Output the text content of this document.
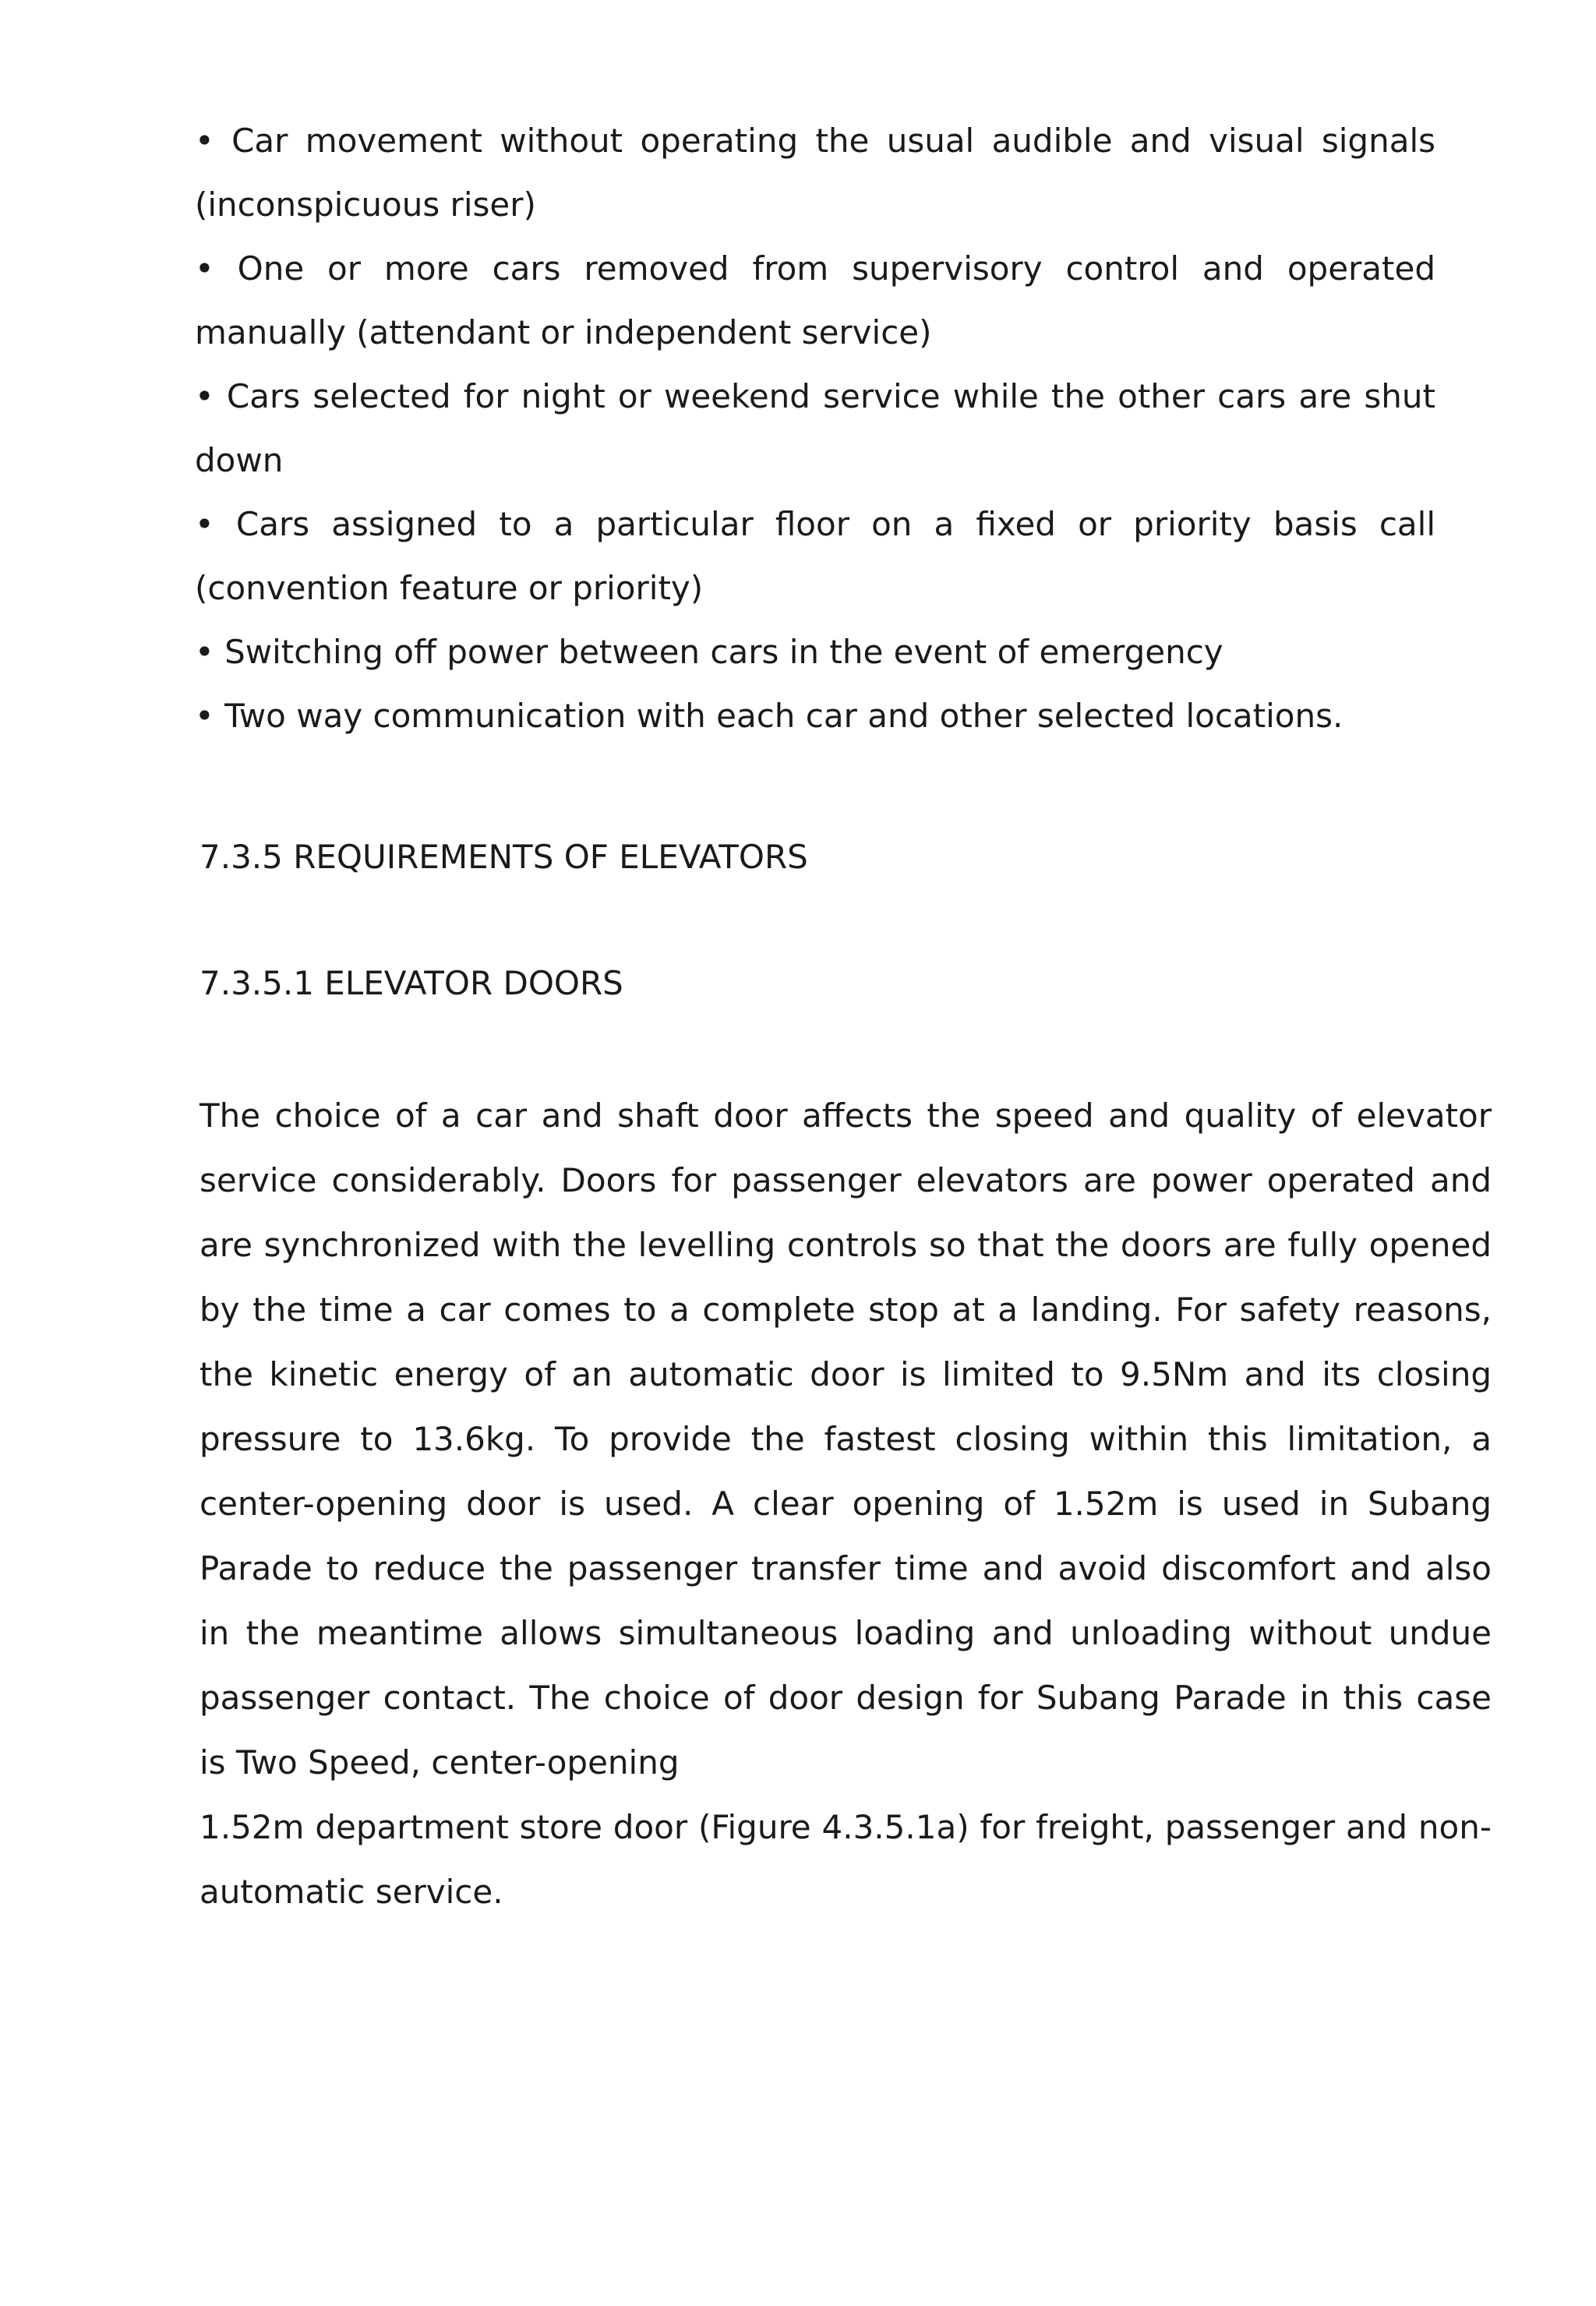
• Car movement without operating the usual audible and visual signals (inconspicuous riser)
• One or more cars removed from supervisory control and operated manually (attendant or independent service)
• Cars selected for night or weekend service while the other cars are shut down
• Cars assigned to a particular floor on a fixed or priority basis call (convention feature or priority)
• Switching off power between cars in the event of emergency
• Two way communication with each car and other selected locations.
7.3.5 REQUIREMENTS OF ELEVATORS
7.3.5.1 ELEVATOR DOORS

The choice of a car and shaft door affects the speed and quality of elevator service considerably. Doors for passenger elevators are power operated and are synchronized with the levelling controls so that the doors are fully opened by the time a car comes to a complete stop at a landing. For safety reasons, the kinetic energy of an automatic door is limited to 9.5Nm and its closing pressure to 13.6kg. To provide the fastest closing within this limitation, a center-opening door is used. A clear opening of 1.52m is used in Subang Parade to reduce the passenger transfer time and avoid discomfort and also in the meantime allows simultaneous loading and unloading without undue passenger contact. The choice of door design for Subang Parade in this case is Two Speed, center-opening

1.52m department store door (Figure 4.3.5.1a) for freight, passenger and non-automatic service.
